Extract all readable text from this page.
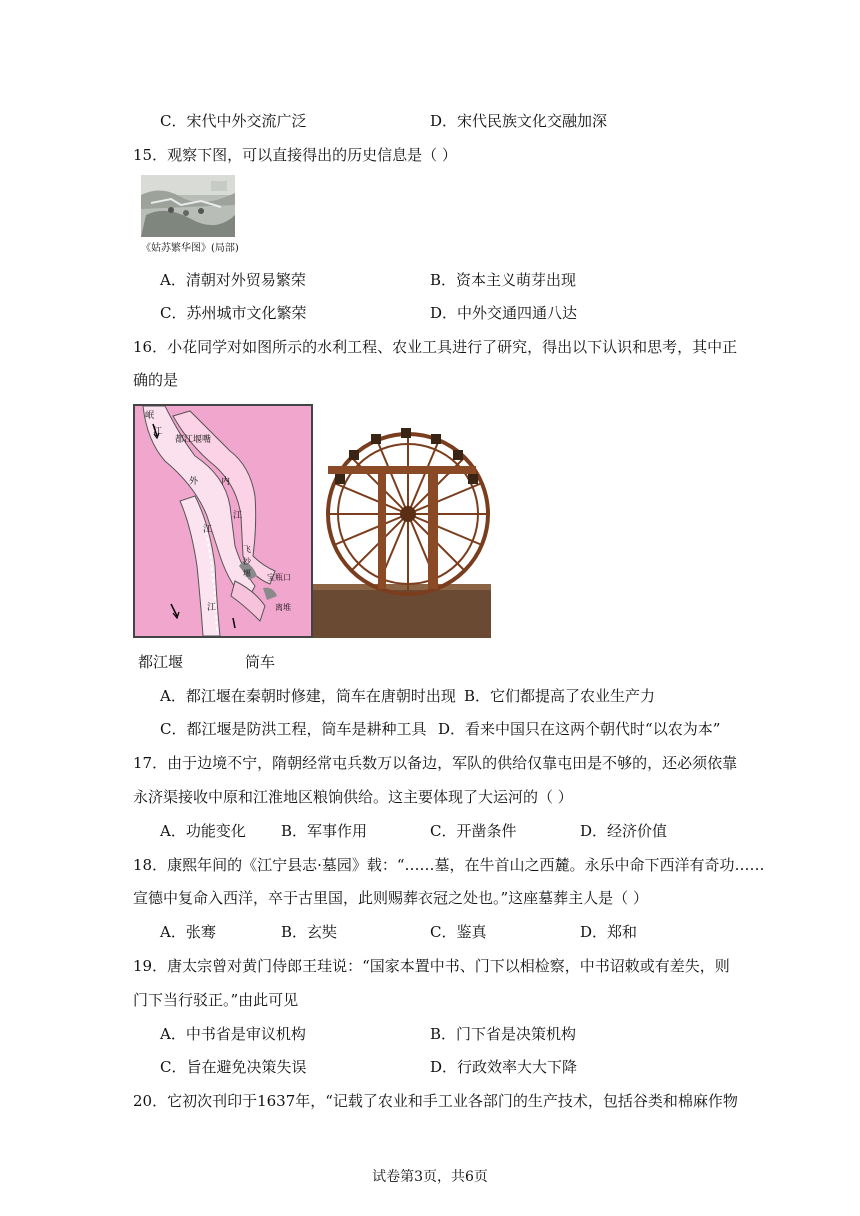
C．宋代中外交流广泛	D．宋代民族文化交融加深
15．观察下图，可以直接得出的历史信息是（ ）
《姑苏繁华图》(局部)
A．清朝对外贸易繁荣	B．资本主义萌芽出现
C．苏州城市文化繁荣	D．中外交通四通八达
16．小花同学对如图所示的水利工程、农业工具进行了研究，得出以下认识和思考，其中正
确的是
岷
江
都江堰嘴
外	内
江
江
飞沙堰 宝瓶口
离堆
江
都江堰	筒车
A．都江堰在秦朝时修建，筒车在唐朝时出现 B．它们都提高了农业生产力
C．都江堰是防洪工程，筒车是耕种工具 D．看来中国只在这两个朝代时“以农为本”
17．由于边境不宁，隋朝经常屯兵数万以备边，军队的供给仅靠屯田是不够的，还必须依靠
永济渠接收中原和江淮地区粮饷供给。这主要体现了大运河的（ ）
A．功能变化 B．军事作用	C．开凿条件	D．经济价值
18．康熙年间的《江宁县志·墓园》载：“……墓，在牛首山之西麓。永乐中命下西洋有奇功……
宣德中复命入西洋，卒于古里国，此则赐葬衣冠之处也。”这座墓葬主人是（ ）
A．张骞	B．玄奘	C．鉴真	D．郑和
19．唐太宗曾对黄门侍郎王珪说：“国家本置中书、门下以相检察，中书诏敕或有差失，则
门下当行驳正。”由此可见
A．中书省是审议机构	B．门下省是决策机构
C．旨在避免决策失误	D．行政效率大大下降
20．它初次刊印于1637年，“记载了农业和手工业各部门的生产技术，包括谷类和棉麻作物
试卷第3页，共6页
